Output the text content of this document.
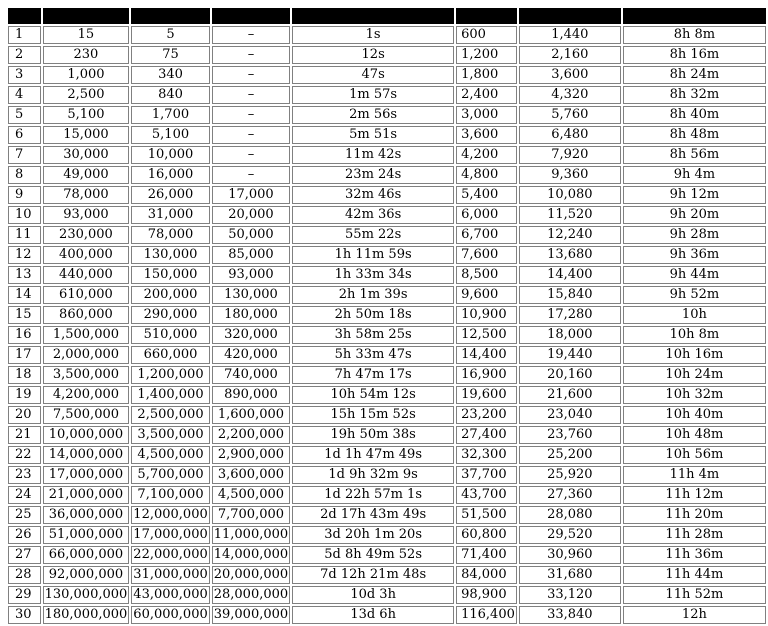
1	15	5	–	1s	600	1,440	8h 8m
2	230	75	–	12s	1,200	2,160	8h 16m
3	1,000	340	–	47s	1,800	3,600	8h 24m
4	2,500	840	–	1m 57s	2,400	4,320	8h 32m
5	5,100	1,700	–	2m 56s	3,000	5,760	8h 40m
6	15,000	5,100	–	5m 51s	3,600	6,480	8h 48m
7	30,000	10,000	–	11m 42s	4,200	7,920	8h 56m
8	49,000	16,000	–	23m 24s	4,800	9,360	9h 4m
9	78,000	26,000	17,000	32m 46s	5,400	10,080	9h 12m
10	93,000	31,000	20,000	42m 36s	6,000	11,520	9h 20m
11	230,000	78,000	50,000	55m 22s	6,700	12,240	9h 28m
12	400,000	130,000	85,000	1h 11m 59s	7,600	13,680	9h 36m
13	440,000	150,000	93,000	1h 33m 34s	8,500	14,400	9h 44m
14	610,000	200,000	130,000	2h 1m 39s	9,600	15,840	9h 52m
15	860,000	290,000	180,000	2h 50m 18s	10,900	17,280	10h
16	1,500,000	510,000	320,000	3h 58m 25s	12,500	18,000	10h 8m
17	2,000,000	660,000	420,000	5h 33m 47s	14,400	19,440	10h 16m
18	3,500,000	1,200,000	740,000	7h 47m 17s	16,900	20,160	10h 24m
19	4,200,000	1,400,000	890,000	10h 54m 12s	19,600	21,600	10h 32m
20	7,500,000	2,500,000	1,600,000	15h 15m 52s	23,200	23,040	10h 40m
21	10,000,000	3,500,000	2,200,000	19h 50m 38s	27,400	23,760	10h 48m
22	14,000,000	4,500,000	2,900,000	1d 1h 47m 49s	32,300	25,200	10h 56m
23	17,000,000	5,700,000	3,600,000	1d 9h 32m 9s	37,700	25,920	11h 4m
24	21,000,000	7,100,000	4,500,000	1d 22h 57m 1s	43,700	27,360	11h 12m
25	36,000,000	12,000,000	7,700,000	2d 17h 43m 49s	51,500	28,080	11h 20m
26	51,000,000	17,000,000	11,000,000	3d 20h 1m 20s	60,800	29,520	11h 28m
27	66,000,000	22,000,000	14,000,000	5d 8h 49m 52s	71,400	30,960	11h 36m
28	92,000,000	31,000,000	20,000,000	7d 12h 21m 48s	84,000	31,680	11h 44m
29	130,000,000	43,000,000	28,000,000	10d 3h	98,900	33,120	11h 52m
30	180,000,000	60,000,000	39,000,000	13d 6h	116,400	33,840	12h
